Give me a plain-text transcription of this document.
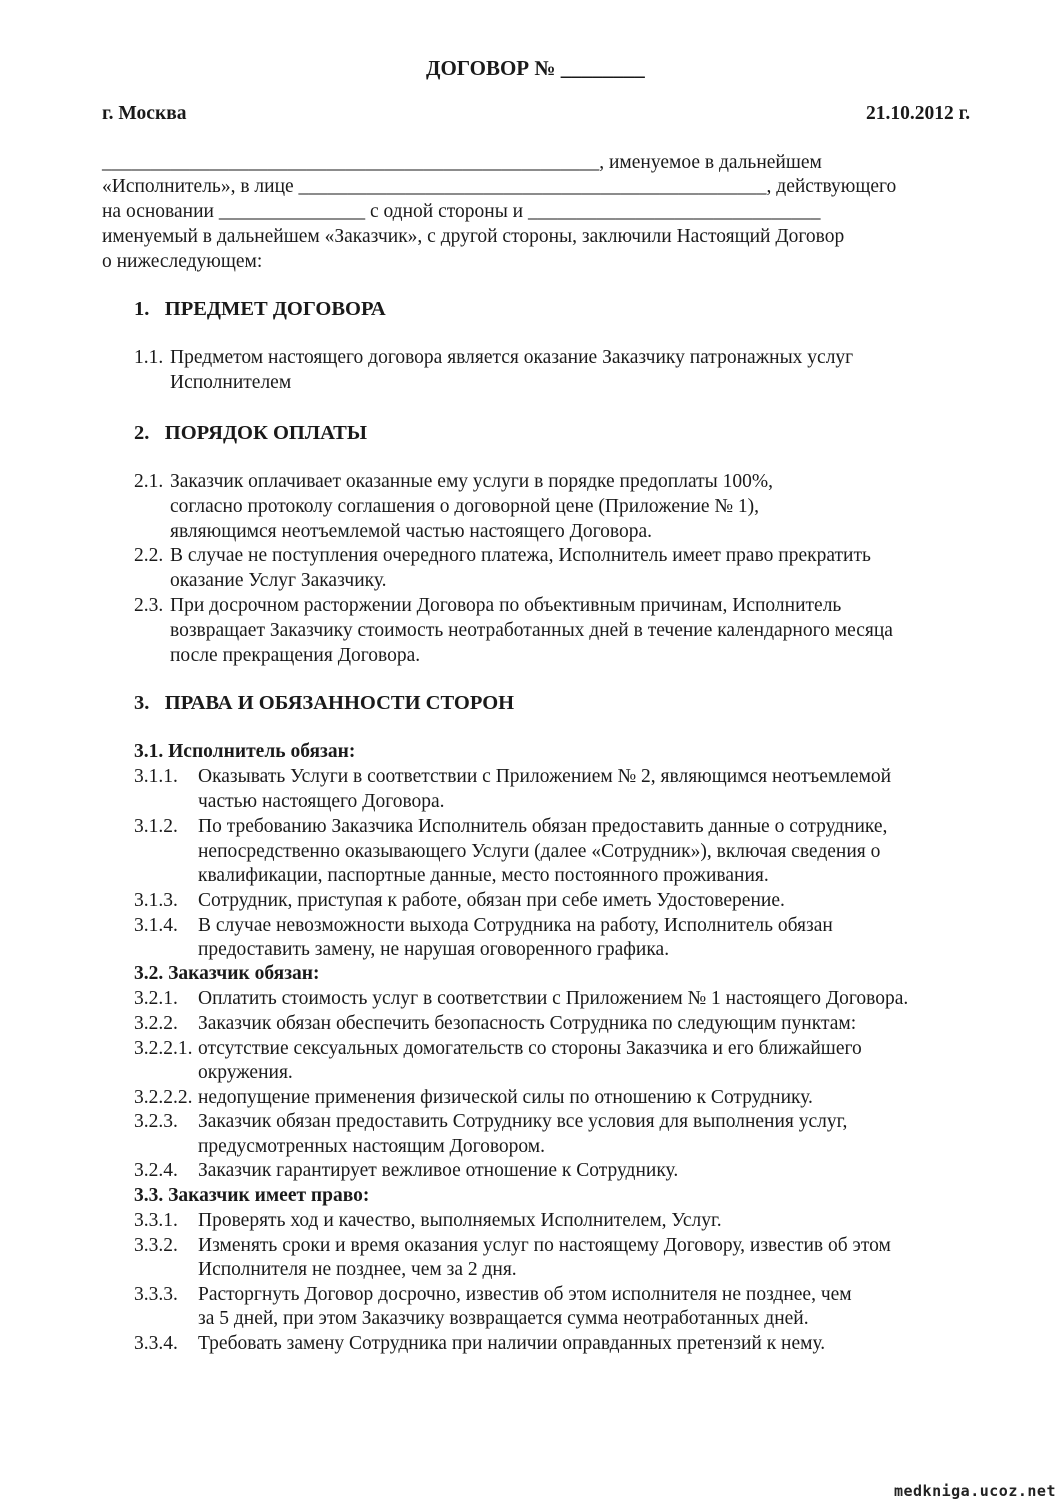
ДОГОВОР № ________
г. Москва	21.10.2012 г.
___________________________________________________, именуемое в дальнейшем
«Исполнитель», в лице ________________________________________________, действующего
на основании _______________ с одной стороны и ______________________________
именуемый в дальнейшем «Заказчик», с другой стороны, заключили Настоящий Договор
о нижеследующем:
1.   ПРЕДМЕТ ДОГОВОРА
1.1. Предметом настоящего договора является оказание Заказчику патронажных услуг
Исполнителем
2.   ПОРЯДОК ОПЛАТЫ
2.1. Заказчик оплачивает оказанные ему услуги в порядке предоплаты 100%,
согласно протоколу соглашения о договорной цене (Приложение № 1),
являющимся неотъемлемой частью настоящего Договора.
2.2. В случае не поступления очередного платежа, Исполнитель имеет право прекратить
оказание Услуг Заказчику.
2.3. При досрочном расторжении Договора по объективным причинам, Исполнитель
возвращает Заказчику стоимость неотработанных дней в течение календарного месяца
после прекращения Договора.
3.   ПРАВА И ОБЯЗАННОСТИ СТОРОН
3.1. Исполнитель обязан:
3.1.1. Оказывать Услуги в соответствии с Приложением № 2, являющимся неотъемлемой
частью настоящего Договора.
3.1.2. По требованию Заказчика Исполнитель обязан предоставить данные о сотруднике,
непосредственно оказывающего Услуги (далее «Сотрудник»), включая сведения о
квалификации, паспортные данные, место постоянного проживания.
3.1.3. Сотрудник, приступая к работе, обязан при себе иметь Удостоверение.
3.1.4. В случае невозможности выхода Сотрудника на работу, Исполнитель обязан
предоставить замену, не нарушая оговоренного графика.
3.2. Заказчик обязан:
3.2.1. Оплатить стоимость услуг в соответствии с Приложением № 1 настоящего Договора.
3.2.2. Заказчик обязан обеспечить безопасность Сотрудника по следующим пунктам:
3.2.2.1. отсутствие сексуальных домогательств со стороны Заказчика и его ближайшего
окружения.
3.2.2.2. недопущение применения физической силы по отношению к Сотруднику.
3.2.3. Заказчик обязан предоставить Сотруднику все условия для выполнения услуг,
предусмотренных настоящим Договором.
3.2.4. Заказчик гарантирует вежливое отношение к Сотруднику.
3.3. Заказчик имеет право:
3.3.1. Проверять ход и качество, выполняемых Исполнителем, Услуг.
3.3.2. Изменять сроки и время оказания услуг по настоящему Договору, известив об этом
Исполнителя не позднее, чем за 2 дня.
3.3.3. Расторгнуть Договор досрочно, известив об этом исполнителя не позднее, чем
за 5 дней, при этом Заказчику возвращается сумма неотработанных дней.
3.3.4. Требовать замену Сотрудника при наличии оправданных претензий к нему.
medkniga.ucoz.net
